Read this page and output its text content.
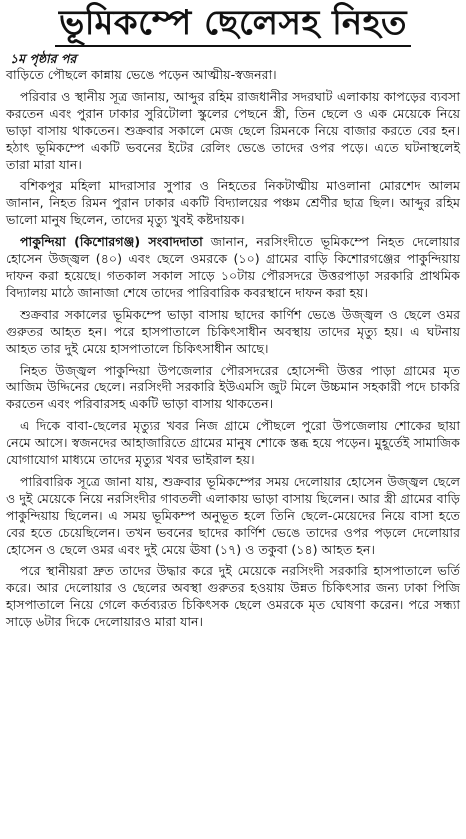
ভূমিকম্পে ছেলেসহ নিহত
১ম পৃষ্ঠার পর

বাড়িতে পৌছলে কান্নায় ভেঙে পড়েন আত্মীয়-স্বজনরা।

পরিবার ও স্থানীয় সূত্র জানায়, আব্দুর রহিম রাজধানীর সদরঘাট এলাকায় কাপড়ের ব্যবসা করতেন এবং পুরান ঢাকার সুরিটোলা স্কুলের পেছনে স্ত্রী, তিন ছেলে ও এক মেয়েকে নিয়ে ভাড়া বাসায় থাকতেন। শুক্রবার সকালে মেজ ছেলে রিমনকে নিয়ে বাজার করতে বের হন। হঠাৎ ভূমিকম্পে একটি ভবনের ইটের রেলিং ভেঙে তাদের ওপর পড়ে। এতে ঘটনাস্থলেই তারা মারা যান।

বশিকপুর মহিলা মাদরাসার সুপার ও নিহতের নিকটাত্মীয় মাওলানা মোরশেদ আলম জানান, নিহত রিমন পুরান ঢাকার একটি বিদ্যালয়ের পঞ্চম শ্রেণীর ছাত্র ছিল। আব্দুর রহিম ভালো মানুষ ছিলেন, তাদের মৃত্যু খুবই কষ্টদায়ক।

পাকুন্দিয়া (কিশোরগঞ্জ) সংবাদদাতা জানান, নরসিংদীতে ভূমিকম্পে নিহত দেলোয়ার হোসেন উজ্জ্বল (৪০) এবং ছেলে ওমরকে (১০) গ্রামের বাড়ি কিশোরগঞ্জের পাকুন্দিয়ায় দাফন করা হয়েছে। গতকাল সকাল সাড়ে ১০টায় পৌরসদরে উত্তরপাড়া সরকারি প্রাথমিক বিদ্যালয় মাঠে জানাজা শেষে তাদের পারিবারিক কবরস্থানে দাফন করা হয়।

শুক্রবার সকালের ভূমিকম্পে ভাড়া বাসায় ছাদের কার্ণিশ ভেঙে উজ্জ্বল ও ছেলে ওমর গুরুতর আহত হন। পরে হাসপাতালে চিকিৎসাধীন অবস্থায় তাদের মৃত্যু হয়। এ ঘটনায় আহত তার দুই মেয়ে হাসপাতালে চিকিৎসাধীন আছে।

নিহত উজ্জ্বল পাকুন্দিয়া উপজেলার পৌরসদরের হোসেন্দী উত্তর পাড়া গ্রামের মৃত আজিম উদ্দিনের ছেলে। নরসিংদী সরকারি ইউএমসি জুট মিলে উচ্চমান সহকারী পদে চাকরি করতেন এবং পরিবারসহ একটি ভাড়া বাসায় থাকতেন।

এ দিকে বাবা-ছেলের মৃত্যুর খবর নিজ গ্রামে পৌছলে পুরো উপজেলায় শোকের ছায়া নেমে আসে। স্বজনদের আহাজারিতে গ্রামের মানুষ শোকে স্তব্ধ হয়ে পড়েন। মুহূর্তেই সামাজিক যোগাযোগ মাধ্যমে তাদের মৃত্যুর খবর ভাইরাল হয়।

পারিবারিক সূত্রে জানা যায়, শুক্রবার ভূমিকম্পের সময় দেলোয়ার হোসেন উজ্জ্বল ছেলে ও দুই মেয়েকে নিয়ে নরসিংদীর গাবতলী এলাকায় ভাড়া বাসায় ছিলেন। আর স্ত্রী গ্রামের বাড়ি পাকুন্দিয়ায় ছিলেন। এ সময় ভূমিকম্প অনুভূত হলে তিনি ছেলে-মেয়েদের নিয়ে বাসা হতে বের হতে চেয়েছিলেন। তখন ভবনের ছাদের কার্ণিশ ভেঙে তাদের ওপর পড়লে দেলোয়ার হোসেন ও ছেলে ওমর এবং দুই মেয়ে ঊষা (১৭) ও তকুবা (১৪) আহত হন।

পরে স্থানীয়রা দ্রুত তাদের উদ্ধার করে দুই মেয়েকে নরসিংদী সরকারি হাসপাতালে ভর্তি করে। আর দেলোয়ার ও ছেলের অবস্থা গুরুতর হওয়ায় উন্নত চিকিৎসার জন্য ঢাকা পিজি হাসপাতালে নিয়ে গেলে কর্তব্যরত চিকিৎসক ছেলে ওমরকে মৃত ঘোষণা করেন। পরে সন্ধ্যা সাড়ে ৬টার দিকে দেলোয়ারও মারা যান।
